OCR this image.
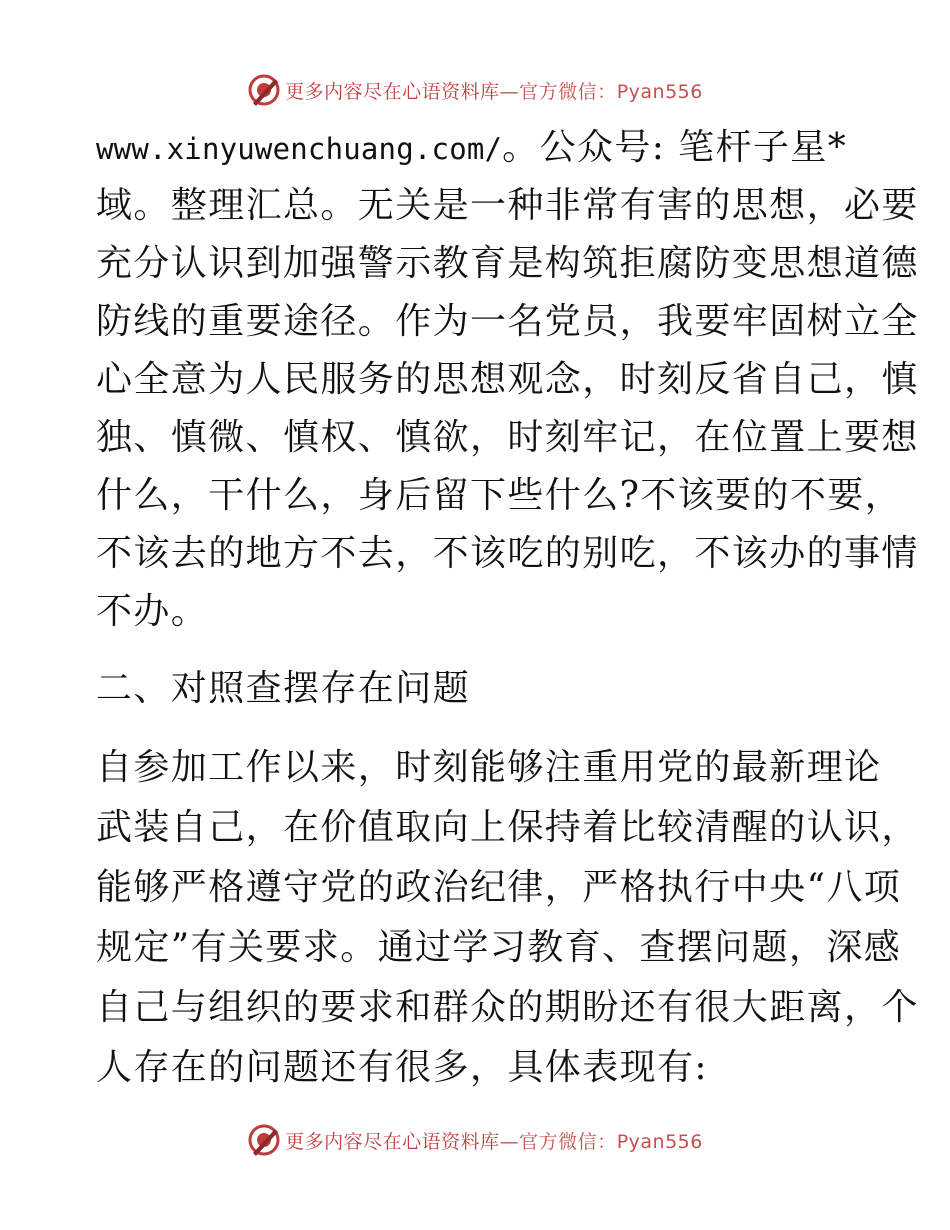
更多内容尽在心语资料库—官方微信：Pyan556
www.xinyuwenchuang.com/。公众号: 笔杆子星*
域。整理汇总。无关是一种非常有害的思想，必要
充分认识到加强警示教育是构筑拒腐防变思想道德
防线的重要途径。作为一名党员，我要牢固树立全
心全意为人民服务的思想观念，时刻反省自己，慎
独、慎微、慎权、慎欲，时刻牢记，在位置上要想
什么，干什么，身后留下些什么?不该要的不要，
不该去的地方不去，不该吃的别吃，不该办的事情
不办。
二、对照查摆存在问题
自参加工作以来，时刻能够注重用党的最新理论
武装自己，在价值取向上保持着比较清醒的认识，
能够严格遵守党的政治纪律，严格执行中央“八项
规定”有关要求。通过学习教育、查摆问题，深感
自己与组织的要求和群众的期盼还有很大距离，个
人存在的问题还有很多，具体表现有:
更多内容尽在心语资料库—官方微信：Pyan556
